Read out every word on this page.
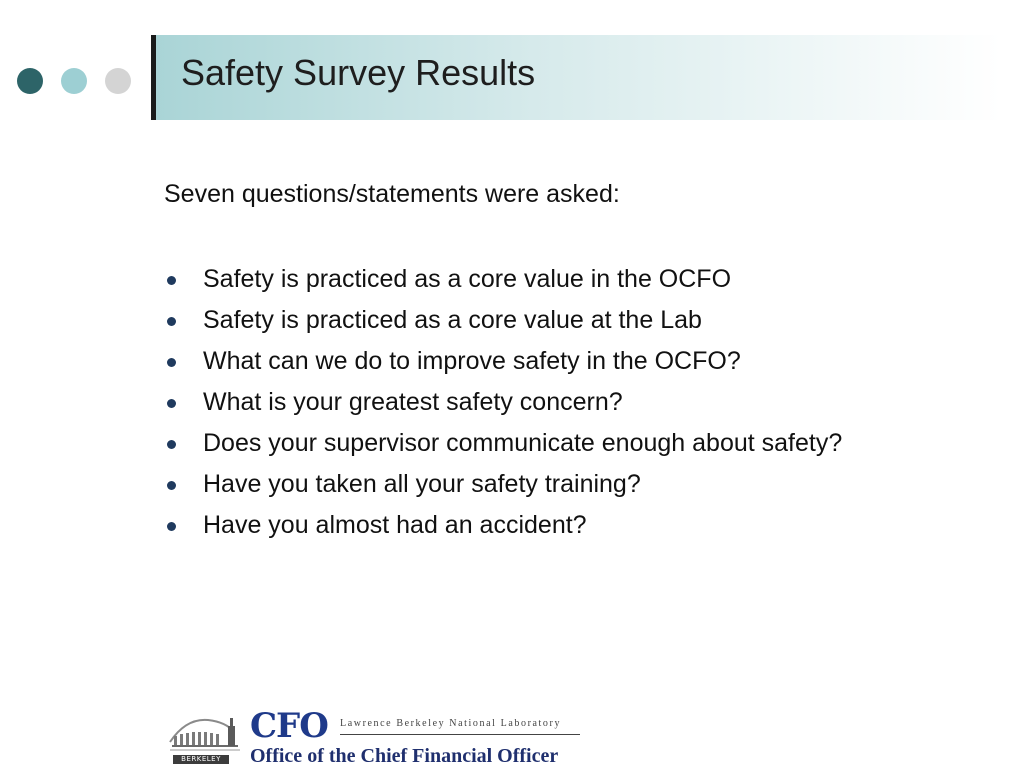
Safety Survey Results
Seven questions/statements were asked:
Safety is practiced as a core value in the OCFO
Safety is practiced as a core value at the Lab
What can we do to improve safety in the OCFO?
What is your greatest safety concern?
Does your supervisor communicate enough about safety?
Have you taken all your safety training?
Have you almost had an accident?
BERKELEY LAB
CFO Lawrence Berkeley National Laboratory
Office of the Chief Financial Officer
